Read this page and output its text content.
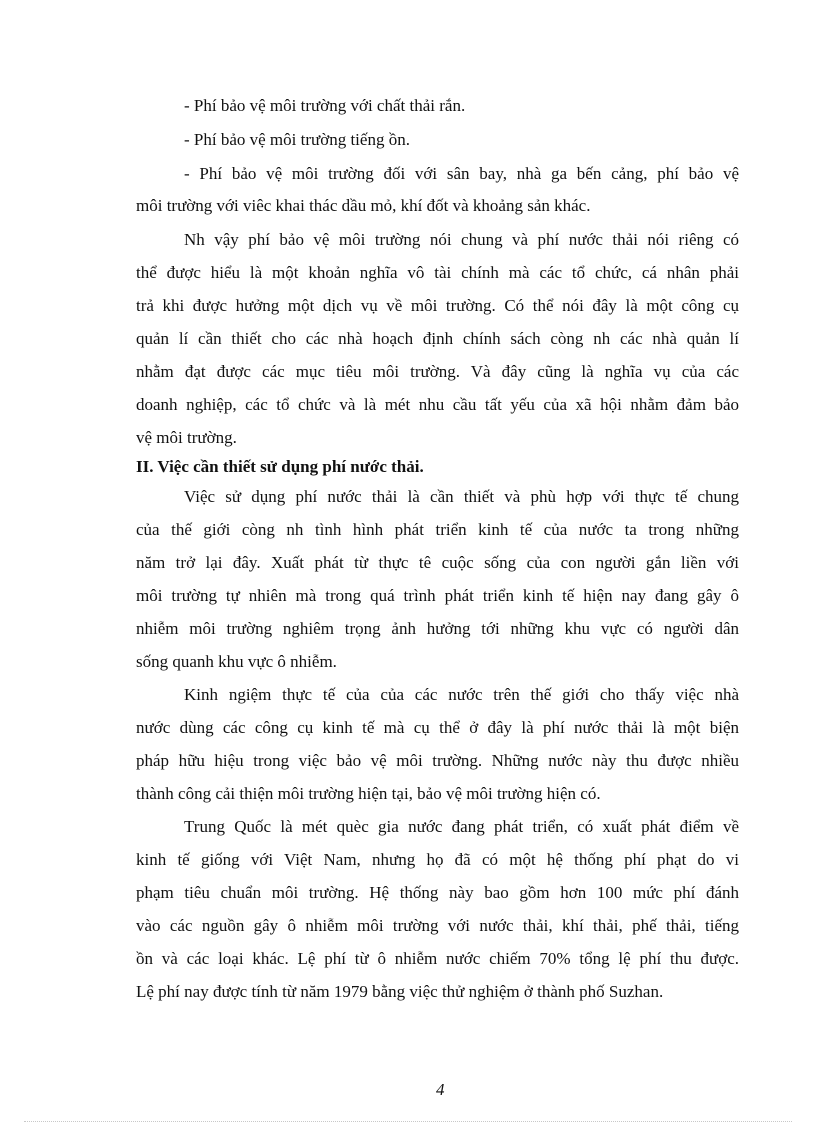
- Phí bảo vệ môi trường với chất thải rắn.
- Phí bảo vệ môi trường tiếng ồn.
- Phí bảo vệ môi trường đối với sân bay, nhà ga bến cảng, phí bảo vệ
môi trường với viêc khai thác dầu mỏ, khí đốt và khoảng sản khác.
Nh vậy phí bảo vệ môi trường nói chung và phí nước thải nói riêng có
thể được hiểu là một khoản nghĩa vô tài chính mà các tổ chức, cá nhân phải
trả khi được hưởng một dịch vụ về môi trường. Có thể nói đây là một công cụ
quản lí cần thiết cho các nhà hoạch định chính sách còng nh các nhà quản lí
nhằm đạt được các mục tiêu môi trường. Và đây cũng là nghĩa vụ của các
doanh nghiệp, các tổ chức và là mét nhu cầu tất yếu của xã hội nhằm đảm bảo
vệ môi trường.
II. Việc cần thiết sử dụng phí nước thải.
Việc sử dụng phí nước thải là cần thiết và phù hợp với thực tế chung
của thế giới còng nh tình hình phát triển kinh tế của nước ta trong những
năm trở lại đây. Xuất phát từ thực tê cuộc sống của con người gắn liền với
môi trường tự nhiên mà trong quá trình phát triển kinh tế hiện nay đang gây ô
nhiễm môi trường nghiêm trọng ảnh hưởng tới những khu vực có người dân
sống quanh khu vực ô nhiễm.
Kinh ngiệm thực tế của của các nước trên thế giới cho thấy việc nhà
nước dùng các công cụ kinh tế mà cụ thể ở đây là phí nước thải là một biện
pháp hữu hiệu trong việc bảo vệ môi trường. Những nước này thu được nhiều
thành công cải thiện môi trường hiện tại, bảo vệ môi trường hiện có.
Trung Quốc là mét quèc gia nước đang phát triển, có xuất phát điểm về
kinh tế giống với Việt Nam, nhưng họ đã có một hệ thống phí phạt do vi
phạm tiêu chuẩn môi trường. Hệ thống này bao gồm hơn 100 mức phí đánh
vào các nguồn gây ô nhiễm môi trường với nước thải, khí thải, phế thải, tiếng
ồn và các loại khác. Lệ phí từ ô nhiễm nước chiếm 70% tổng lệ phí thu được.
Lệ phí nay được tính từ năm 1979 bằng việc thử nghiệm ở thành phố Suzhan.
4
